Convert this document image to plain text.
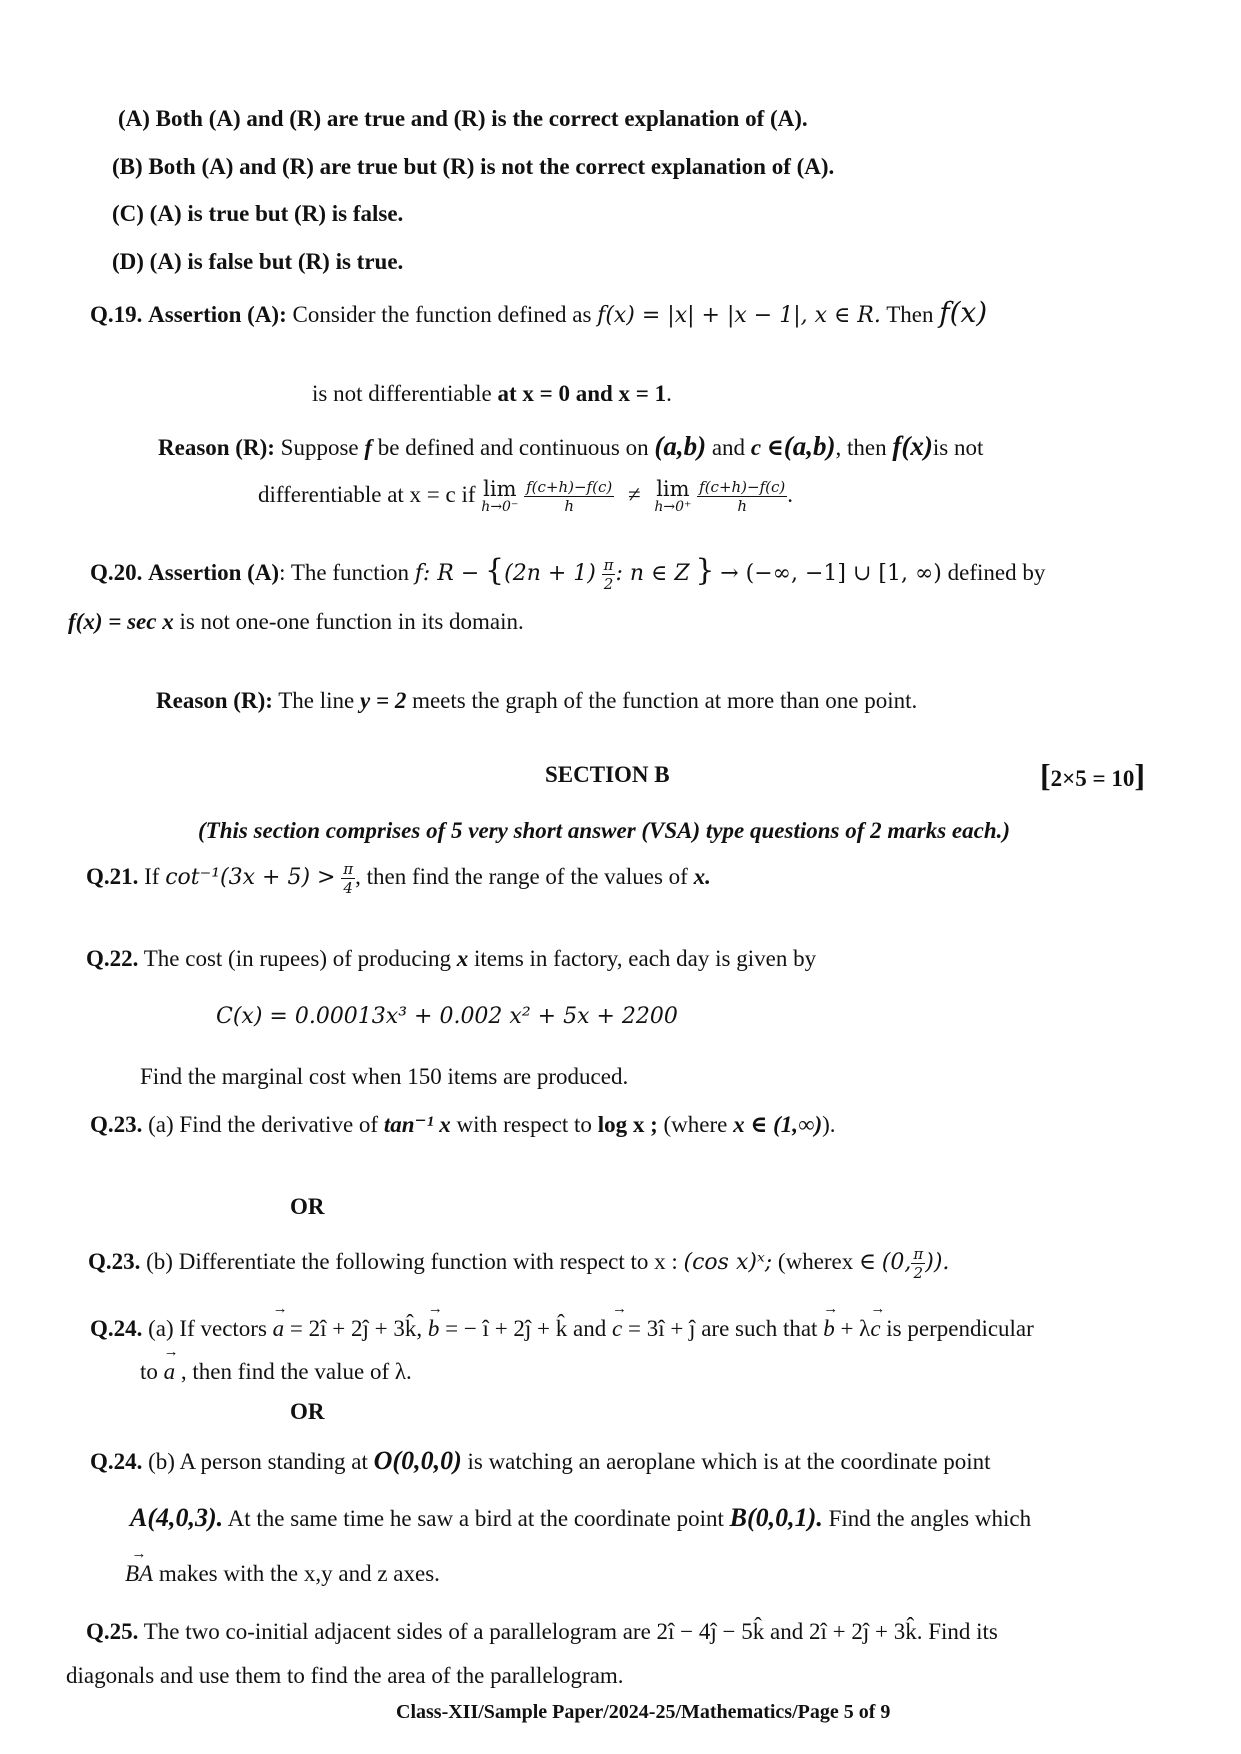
(A) Both (A) and (R) are true and (R) is the correct explanation of (A).
(B) Both (A) and (R) are true but (R) is not the correct explanation of (A).
(C) (A) is true but (R) is false.
(D) (A) is false but (R) is true.
Q.19. Assertion (A): Consider the function defined as f(x) = |x| + |x − 1|, x ∈ R. Then f(x)
is not differentiable at x = 0 and x = 1.
Reason (R): Suppose f be defined and continuous on (a,b) and c ∈(a,b), then f(x)is not
differentiable at x = c if lim
h→0⁻
$\frac{f(c+h)-f(c)}{h} \ne \lim$
h→0⁺
$\frac{f(c+h)-f(c)}{h}$ .
Q.20. Assertion (A): The function f: $R - \{(2n + 1) \frac{\pi}{2}$ : n ∈ Z } → (−∞, −1] ∪ [1, ∞) defined by
f(x) = sec x is not one-one function in its domain.
Reason (R): The line y = 2 meets the graph of the function at more than one point.
SECTION B	[2×5 = 10]
(This section comprises of 5 very short answer (VSA) type questions of 2 marks each.)
Q.21. If $\cot^{-1}(3x + 5) > \frac{\pi}{4}$ , then find the range of the values of x.
Q.22. The cost (in rupees) of producing x items in factory, each day is given by
C(x) = 0.00013x³ + 0.002 x² + 5x + 2200
Find the marginal cost when 150 items are produced.
Q.23. (a) Find the derivative of tan⁻¹ x with respect to log x ; (where x ∈ (1,∞)).
OR
Q.23. (b) Differentiate the following function with respect to x : (cos x)ˣ; (wherex ∈ (0, $\frac{\pi}{2}$ )).
Q.24. (a) If vectors → a = 2î + 2ĵ + 3k̂, → b = − î + 2ĵ + k̂ and → c = 3î + ĵ are such that → b + λ→ c is perpendicular
to → a , then find the value of λ.
OR
Q.24. (b) A person standing at O(0,0,0) is watching an aeroplane which is at the coordinate point
A(4,0,3). At the same time he saw a bird at the coordinate point B(0,0,1). Find the angles which
→ BA makes with the x,y and z axes.
Q.25. The two co-initial adjacent sides of a parallelogram are 2î − 4ĵ − 5k̂ and 2î + 2ĵ + 3k̂. Find its
diagonals and use them to find the area of the parallelogram.
Class-XII/Sample Paper/2024-25/Mathematics/Page 5 of 9
